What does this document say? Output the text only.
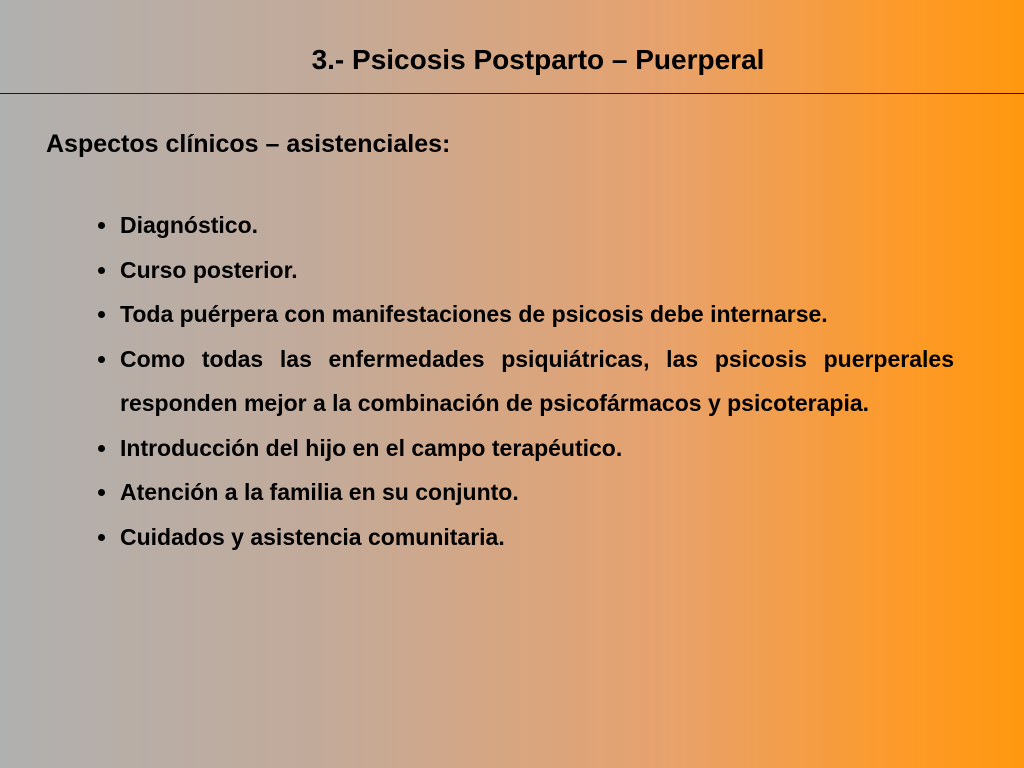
3.- Psicosis Postparto – Puerperal
Aspectos clínicos – asistenciales:
Diagnóstico.
Curso posterior.
Toda puérpera con manifestaciones de psicosis debe internarse.
Como todas las enfermedades psiquiátricas, las psicosis puerperales responden mejor a la combinación de psicofármacos y psicoterapia.
Introducción del hijo en el campo terapéutico.
Atención a la familia en su conjunto.
Cuidados y asistencia comunitaria.
